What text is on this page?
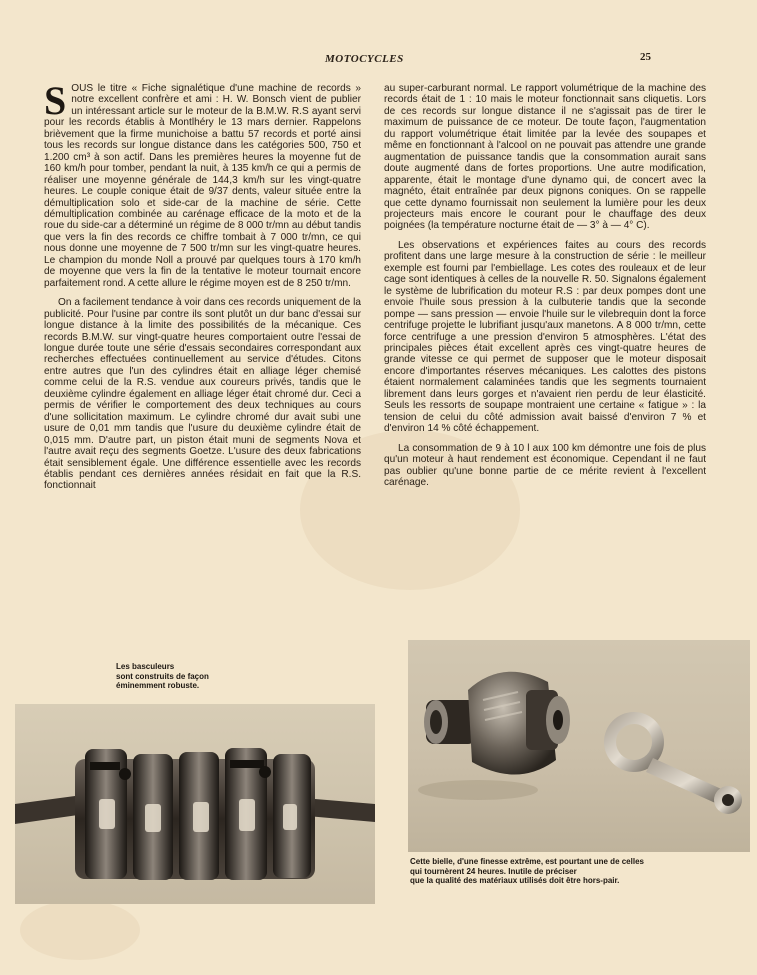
MOTOCYCLES	25

SOUS le titre « Fiche signalétique d'une machine de records » notre excellent confrère et ami : H. W. Bonsch vient de publier un intéressant article sur le moteur de la B.M.W. R.S ayant servi pour les records établis à Montlhéry le 13 mars dernier. Rappelons brièvement que la firme munichoise a battu 57 records et porté ainsi tous les records sur longue distance dans les catégories 500, 750 et 1.200 cm³ à son actif. Dans les premières heures la moyenne fut de 160 km/h pour tomber, pendant la nuit, à 135 km/h ce qui a permis de réaliser une moyenne générale de 144,3 km/h sur les vingt-quatre heures. Le couple conique était de 9/37 dents, valeur située entre la démultiplication solo et side-car de la machine de série. Cette démultiplication combinée au carénage efficace de la moto et de la roue du side-car a déterminé un régime de 8 000 tr/mn au début tandis que vers la fin des records ce chiffre tombait à 7 000 tr/mn, ce qui nous donne une moyenne de 7 500 tr/mn sur les vingt-quatre heures. Le champion du monde Noll a prouvé par quelques tours à 170 km/h de moyenne que vers la fin de la tentative le moteur tournait encore parfaitement rond. A cette allure le régime moyen est de 8 250 tr/mn.

On a facilement tendance à voir dans ces records uniquement de la publicité. Pour l'usine par contre ils sont plutôt un dur banc d'essai sur longue distance à la limite des possibilités de la mécanique. Ces records B.M.W. sur vingt-quatre heures comportaient outre l'essai de longue durée toute une série d'essais secondaires correspondant aux recherches effectuées continuellement au service d'études. Citons entre autres que l'un des cylindres était en alliage léger chemisé comme celui de la R.S. vendue aux coureurs privés, tandis que le deuxième cylindre également en alliage léger était chromé dur. Ceci a permis de vérifier le comportement des deux techniques au cours d'une sollicitation maximum. Le cylindre chromé dur avait subi une usure de 0,01 mm tandis que l'usure du deuxième cylindre était de 0,015 mm. D'autre part, un piston était muni de segments Nova et l'autre avait reçu des segments Goetze. L'usure des deux fabrications était sensiblement égale. Une différence essentielle avec les records établis pendant ces dernières années résidait en fait que la R.S. fonctionnait

au super-carburant normal. Le rapport volumétrique de la machine des records était de 1 : 10 mais le moteur fonctionnait sans cliquetis. Lors de ces records sur longue distance il ne s'agissait pas de tirer le maximum de puissance de ce moteur. De toute façon, l'augmentation du rapport volumétrique était limitée par la levée des soupapes et même en fonctionnant à l'alcool on ne pouvait pas attendre une grande augmentation de puissance tandis que la consommation aurait sans doute augmenté dans de fortes proportions. Une autre modification, apparente, était le montage d'une dynamo qui, de concert avec la magnéto, était entraînée par deux pignons coniques. On se rappelle que cette dynamo fournissait non seulement la lumière pour les deux projecteurs mais encore le courant pour le chauffage des deux poignées (la température nocturne était de — 3° à — 4° C).

Les observations et expériences faites au cours des records profitent dans une large mesure à la construction de série : le meilleur exemple est fourni par l'embiellage. Les cotes des rouleaux et de leur cage sont identiques à celles de la nouvelle R. 50. Signalons également le système de lubrification du moteur R.S : par deux pompes dont une envoie l'huile sous pression à la culbuterie tandis que la seconde pompe — sans pression — envoie l'huile sur le vilebrequin dont la force centrifuge projette le lubrifiant jusqu'aux manetons. A 8 000 tr/mn, cette force centrifuge a une pression d'environ 5 atmosphères. L'état des principales pièces était excellent après ces vingt-quatre heures de grande vitesse ce qui permet de supposer que le moteur disposait encore d'importantes réserves mécaniques. Les calottes des pistons étaient normalement calaminées tandis que les segments tournaient librement dans leurs gorges et n'avaient rien perdu de leur élasticité. Seuls les ressorts de soupape montraient une certaine « fatigue » : la tension de celui du côté admission avait baissé d'environ 7 % et d'environ 14 % côté échappement.

La consommation de 9 à 10 l aux 100 km démontre une fois de plus qu'un moteur à haut rendement est économique. Cependant il ne faut pas oublier qu'une bonne partie de ce mérite revient à l'excellent carénage.

Les basculeurs
sont construits de façon
éminemment robuste.
Cette bielle, d'une finesse extrême, est pourtant une de celles
qui tournèrent 24 heures. Inutile de préciser
que la qualité des matériaux utilisés doit être hors-pair.
